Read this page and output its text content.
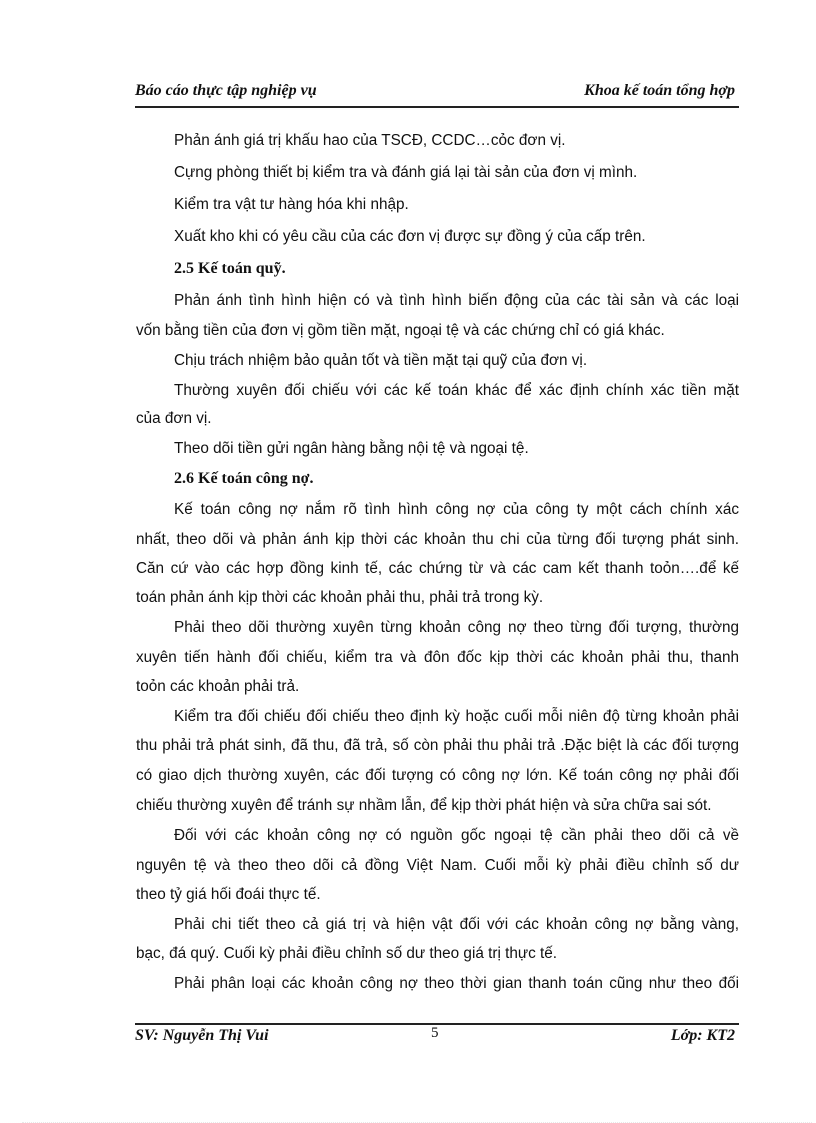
Báo cáo thực tập nghiệp vụ	Khoa kế toán tổng hợp
Phản ánh giá trị khấu hao của TSCĐ, CCDC…cỏc đơn vị.
Cựng phòng thiết bị kiểm tra và đánh giá lại tài sản của đơn vị mình.
Kiểm tra vật tư hàng hóa khi nhập.
Xuất kho khi có yêu cầu của các đơn vị được sự đồng ý của cấp trên.
2.5 Kế toán quỹ.
Phản ánh tình hình hiện có và tình hình biến động của các tài sản và các loại
vốn bằng tiền của đơn vị gồm tiền mặt, ngoại tệ và các chứng chỉ có giá khác.
Chịu trách nhiệm bảo quản tốt và tiền mặt tại quỹ của đơn vị.
Thường xuyên đối chiếu với các kế toán khác để xác định chính xác tiền mặt
của đơn vị.
Theo dõi tiền gửi ngân hàng bằng nội tệ và ngoại tệ.
2.6 Kế toán công nợ.
Kế toán công nợ nắm rõ tình hình công nợ của công ty một cách chính xác
nhất, theo dõi và phản ánh kịp thời các khoản thu chi của từng đối tượng phát sinh.
Căn cứ vào các hợp đồng kinh tế, các chứng từ và các cam kết thanh toỏn….để kế
toán phản ánh kịp thời các khoản phải thu, phải trả trong kỳ.
Phải theo dõi thường xuyên từng khoản công nợ theo từng đối tượng, thường
xuyên tiến hành đối chiếu, kiểm tra và đôn đốc kịp thời các khoản phải thu, thanh
toỏn các khoản phải trả.
Kiểm tra đối chiếu đối chiếu theo định kỳ hoặc cuối mỗi niên độ từng khoản phải
thu phải trả phát sinh, đã thu, đã trả, số còn phải thu phải trả .Đặc biệt là các đối tượng
có giao dịch thường xuyên, các đối tượng có công nợ lớn. Kế toán công nợ phải đối
chiếu thường xuyên để tránh sự nhầm lẫn, để kịp thời phát hiện và sửa chữa sai sót.
Đối với các khoản công nợ có nguồn gốc ngoại tệ cần phải theo dõi cả về
nguyên tệ và theo theo dõi cả đồng Việt Nam. Cuối mỗi kỳ phải điều chỉnh số dư
theo tỷ giá hối đoái thực tế.
Phải chi tiết theo cả giá trị và hiện vật đối với các khoản công nợ bằng vàng,
bạc, đá quý. Cuối kỳ phải điều chỉnh số dư theo giá trị thực tế.
Phải phân loại các khoản công nợ theo thời gian thanh toán cũng như theo đối
SV: Nguyễn Thị Vui	Lớp: KT2
5
